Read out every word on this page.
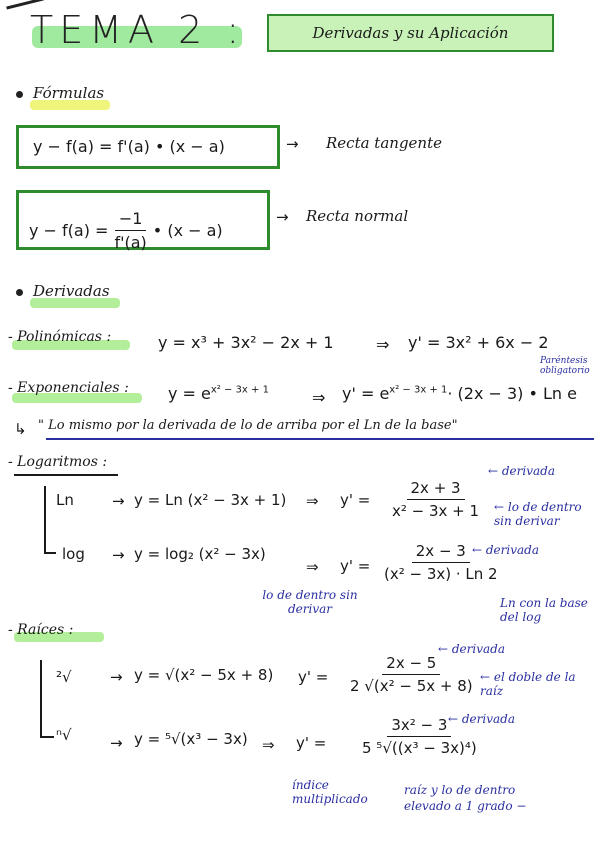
TEMA 2 :	Derivadas y su Aplicación
Fórmulas
y − f(a) = f'(a) • (x − a)	→ Recta tangente
$y - f(a) = \frac{-1}{f'(a)}$ • (x − a)
→ Recta normal
Derivadas
- Polinómicas :	y = x³ + 3x² − 2x + 1	⇒ y' = 3x² + 6x − 2
- Exponenciales : $y = e^{x^2 - 3x + 1}$	⇒ $y' = e^{x^2 - 3x + 1}\cdot (2x - 3)$ • Ln e
Paréntesis obligatorio
↳ " Lo mismo por la derivada de lo de arriba por el Ln de la base"
- Logaritmos :
Ln	→ y = Ln (x² − 3x + 1) ⇒ $y' = \frac{2x + 3}{\text{x² − 3x + 1}}$
← derivada
← lo de dentro sin derivar
log → y = log₂ (x² − 3x)
⇒ $y' = \frac{2x - 3}{\text{(x² − 3x) · Ln 2}}$
← derivada
lo de dentro sin derivar	Ln con la base del log
- Raíces :
²√	→ y = √(x² − 5x + 8) $y' = \frac{2x - 5}{\text{2 √(x² − 5x + 8)}}$
← derivada
← el doble de la raíz
ⁿ√	→ y = ⁵√(x³ − 3x) ⇒ $y' = \frac{\text{3x² − 3}}{\text{5 ⁵√((x³ − 3x)⁴)}}$
← derivada
índice multiplicado
raíz y lo de dentro elevado a 1 grado −
